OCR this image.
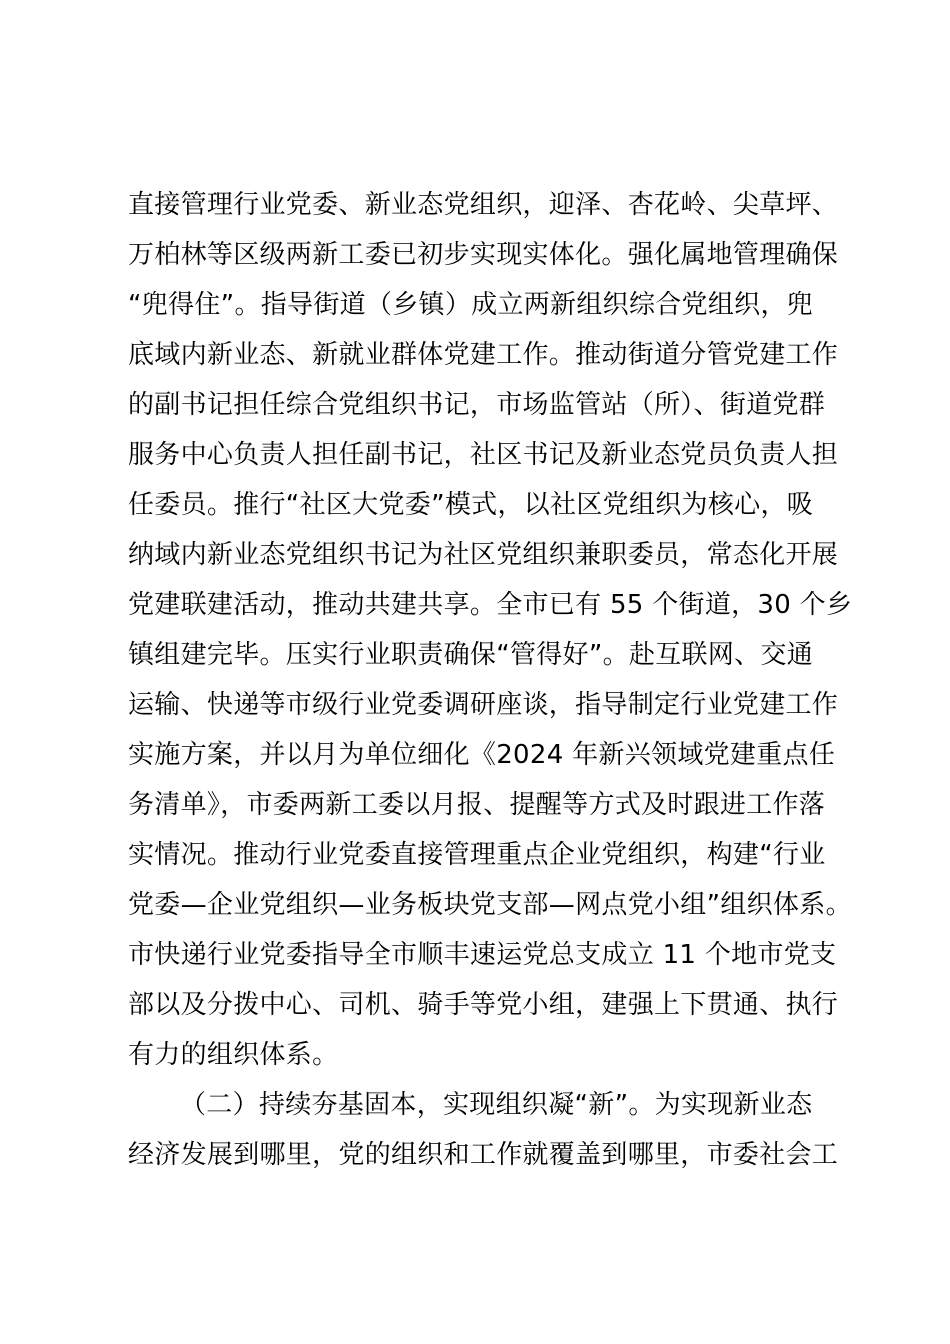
直接管理行业党委、新业态党组织，迎泽、杏花岭、尖草坪、
万柏林等区级两新工委已初步实现实体化。强化属地管理确保
“兜得住”。指导街道（乡镇）成立两新组织综合党组织，兜
底域内新业态、新就业群体党建工作。推动街道分管党建工作
的副书记担任综合党组织书记，市场监管站（所）、街道党群
服务中心负责人担任副书记，社区书记及新业态党员负责人担
任委员。推行“社区大党委”模式，以社区党组织为核心，吸
纳域内新业态党组织书记为社区党组织兼职委员，常态化开展
党建联建活动，推动共建共享。全市已有 55 个街道，30 个乡
镇组建完毕。压实行业职责确保“管得好”。赴互联网、交通
运输、快递等市级行业党委调研座谈，指导制定行业党建工作
实施方案，并以月为单位细化《2024 年新兴领域党建重点任
务清单》，市委两新工委以月报、提醒等方式及时跟进工作落
实情况。推动行业党委直接管理重点企业党组织，构建“行业
党委—企业党组织—业务板块党支部—网点党小组”组织体系。
市快递行业党委指导全市顺丰速运党总支成立 11 个地市党支
部以及分拨中心、司机、骑手等党小组，建强上下贯通、执行
有力的组织体系。
（二）持续夯基固本，实现组织凝“新”。为实现新业态
经济发展到哪里，党的组织和工作就覆盖到哪里，市委社会工
